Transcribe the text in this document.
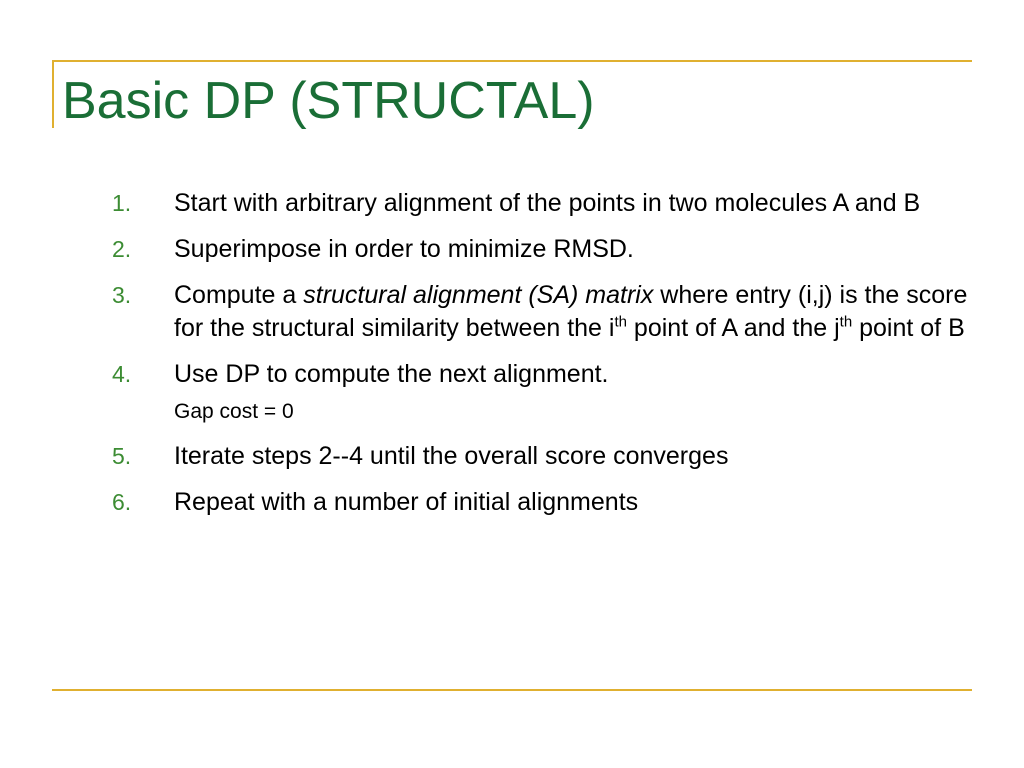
Basic DP (STRUCTAL)
1. Start with arbitrary alignment of the points in two molecules A and B
2. Superimpose in order to minimize RMSD.
3. Compute a structural alignment (SA) matrix where entry (i,j) is the score for the structural similarity between the $i^{th}$ point of A and the $j^{th}$ point of B
4. Use DP to compute the next alignment.
Gap cost = 0
5. Iterate steps 2--4 until the overall score converges
6. Repeat with a number of initial alignments
